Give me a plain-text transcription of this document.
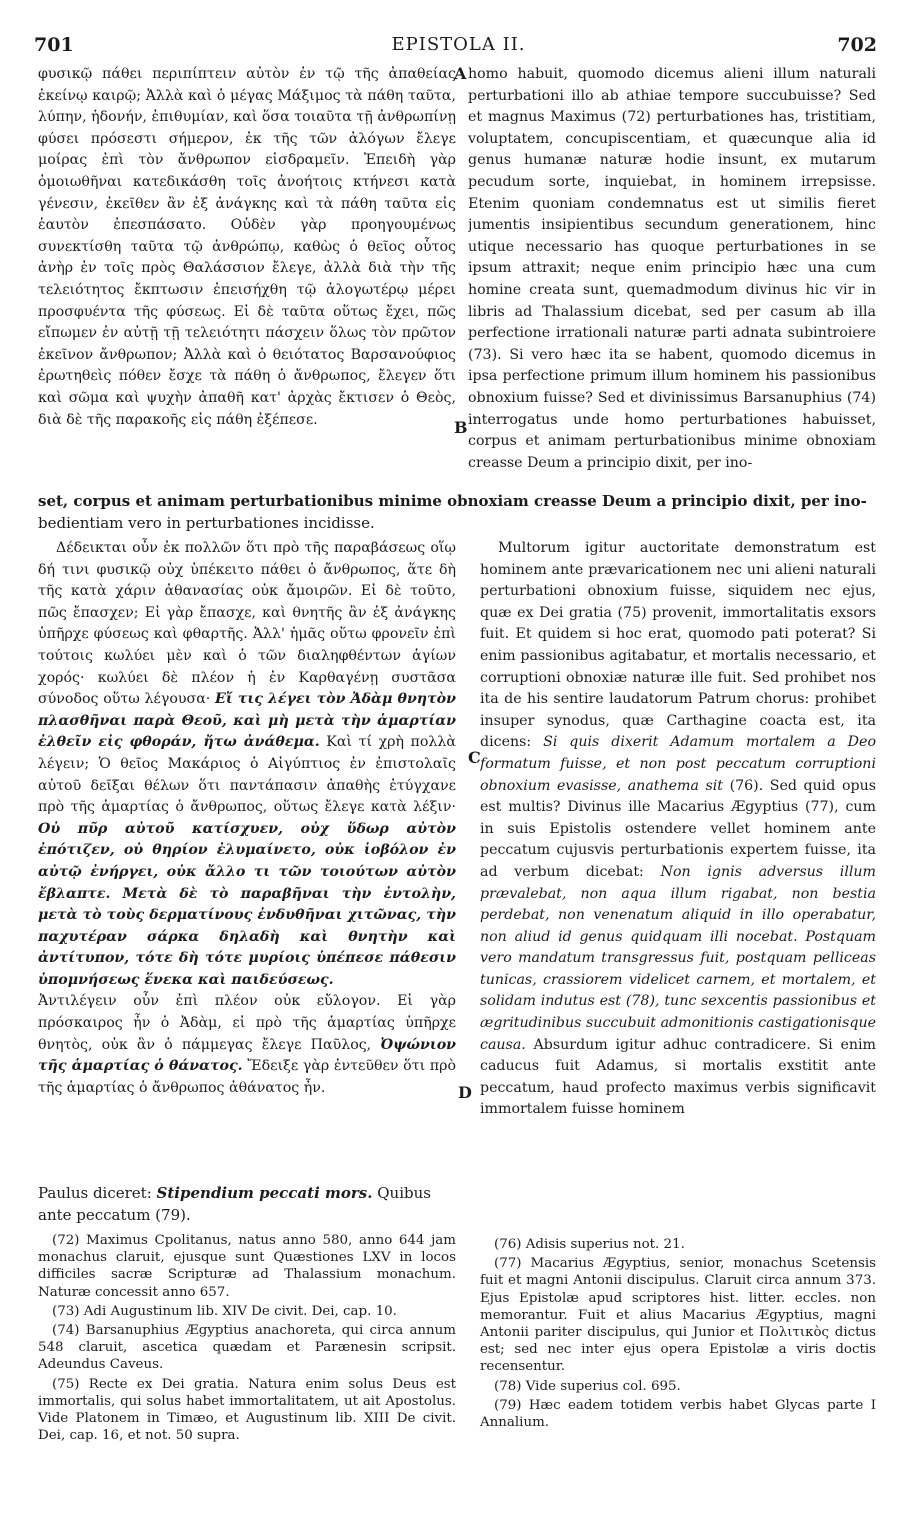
701	EPISTOLA II.	702

φυσικῷ πάθει περιπίπτειν αὐτὸν ἐν τῷ τῆς ἀπαθείας ἐκείνῳ καιρῷ; Ἀλλὰ καὶ ὁ μέγας Μάξιμος τὰ πάθη ταῦτα, λύπην, ἡδονήν, ἐπιθυμίαν, καὶ ὅσα τοιαῦτα τῇ ἀνθρωπίνῃ φύσει πρόσεστι σήμερον, ἐκ τῆς τῶν ἀλόγων ἔλεγε μοίρας ἐπὶ τὸν ἄνθρωπον εἰσδραμεῖν. Ἐπειδὴ γὰρ ὁμοιωθῆναι κατεδικάσθη τοῖς ἀνοήτοις κτήνεσι κατὰ γένεσιν, ἐκεῖθεν ἂν ἐξ ἀνάγκης καὶ τὰ πάθη ταῦτα εἰς ἑαυτὸν ἐπεσπάσατο. Οὐδὲν γὰρ προηγουμένως συνεκτίσθη ταῦτα τῷ ἀνθρώπῳ, καθὼς ὁ θεῖος οὗτος ἀνὴρ ἐν τοῖς πρὸς Θαλάσσιον ἔλεγε, ἀλλὰ διὰ τὴν τῆς τελειότητος ἔκπτωσιν ἐπεισήχθη τῷ ἀλογωτέρῳ μέρει προσφυέντα τῆς φύσεως. Εἰ δὲ ταῦτα οὕτως ἔχει, πῶς εἴπωμεν ἐν αὐτῇ τῇ τελειότητι πάσχειν ὅλως τὸν πρῶτον ἐκεῖνον ἄνθρωπον; Ἀλλὰ καὶ ὁ θειότατος Βαρσανούφιος ἐρωτηθεὶς πόθεν ἔσχε τὰ πάθη ὁ ἄνθρωπος, ἔλεγεν ὅτι καὶ σῶμα καὶ ψυχὴν ἀπαθῆ κατ' ἀρχὰς ἔκτισεν ὁ Θεὸς, διὰ δὲ τῆς παρακοῆς εἰς πάθη ἐξέπεσε.

A
B

homo habuit, quomodo dicemus alieni illum naturali perturbationi illo ab athiae tempore succubuisse? Sed et magnus Maximus (72) perturbationes has, tristitiam, voluptatem, concupiscentiam, et quæcunque alia id genus humanæ naturæ hodie insunt, ex mutarum pecudum sorte, inquiebat, in hominem irrepsisse. Etenim quoniam condemnatus est ut similis fieret jumentis insipientibus secundum generationem, hinc utique necessario has quoque perturbationes in se ipsum attraxit; neque enim principio hæc una cum homine creata sunt, quemadmodum divinus hic vir in libris ad Thalassium dicebat, sed per casum ab illa perfectione irrationali naturæ parti adnata subintroiere (73). Si vero hæc ita se habent, quomodo dicemus in ipsa perfectione primum illum hominem his passionibus obnoxium fuisse? Sed et divinissimus Barsanuphius (74) interrogatus unde homo perturbationes habuisset, corpus et animam perturbationibus minime obnoxiam creasse Deum a principio dixit, per ino-

set, corpus et animam perturbationibus minime obnoxiam creasse Deum a principio dixit, per ino-

bedientiam vero in perturbationes incidisse.

Δέδεικται οὖν ἐκ πολλῶν ὅτι πρὸ τῆς παραβάσεως οἵῳ δή τινι φυσικῷ οὐχ ὑπέκειτο πάθει ὁ ἄνθρωπος, ἅτε δὴ τῆς κατὰ χάριν ἀθανασίας οὐκ ἄμοιρῶν. Εἰ δὲ τοῦτο, πῶς ἔπασχεν; Εἰ γὰρ ἔπασχε, καὶ θνητῆς ἂν ἐξ ἀνάγκης ὑπῆρχε φύσεως καὶ φθαρτῆς. Ἀλλ' ἡμᾶς οὕτω φρονεῖν ἐπὶ τούτοις κωλύει μὲν καὶ ὁ τῶν διαληφθέντων ἁγίων χορός· κωλύει δὲ πλέον ἡ ἐν Καρθαγένῃ συστᾶσα σύνοδος οὕτω λέγουσα· Εἴ τις λέγει τὸν Ἀδὰμ θνητὸν πλασθῆναι παρὰ Θεοῦ, καὶ μὴ μετὰ τὴν ἁμαρτίαν ἐλθεῖν εἰς φθοράν, ἤτω ἀνάθεμα. Καὶ τί χρὴ πολλὰ λέγειν; Ὁ θεῖος Μακάριος ὁ Αἰγύπτιος ἐν ἐπιστολαῖς αὐτοῦ δεῖξαι θέλων ὅτι παντάπασιν ἀπαθὴς ἐτύγχανε πρὸ τῆς ἁμαρτίας ὁ ἄνθρωπος, οὕτως ἔλεγε κατὰ λέξιν· Οὐ πῦρ αὐτοῦ κατίσχυεν, οὐχ ὕδωρ αὐτὸν ἐπότιζεν, οὐ θηρίον ἐλυμαίνετο, οὐκ ἰοβόλον ἐν αὐτῷ ἐνήργει, οὐκ ἄλλο τι τῶν τοιούτων αὐτὸν ἔβλαπτε. Μετὰ δὲ τὸ παραβῆναι τὴν ἐντολὴν, μετὰ τὸ τοὺς δερματίνους ἐνδυθῆναι χιτῶνας, τὴν παχυτέραν σάρκα δηλαδὴ καὶ θνητὴν καὶ ἀντίτυπον, τότε δὴ τότε μυρίοις ὑπέπεσε πάθεσιν ὑπομνήσεως ἕνεκα καὶ παιδεύσεως.

Ἀντιλέγειν οὖν ἐπὶ πλέον οὐκ εὔλογον. Εἰ γὰρ πρόσκαιρος ἦν ὁ Ἀδὰμ, εἰ πρὸ τῆς ἁμαρτίας ὑπῆρχε θνητὸς, οὐκ ἂν ὁ πάμμεγας ἔλεγε Παῦλος, Ὀψώνιον τῆς ἁμαρτίας ὁ θάνατος. Ἔδειξε γὰρ ἐντεῦθεν ὅτι πρὸ τῆς ἁμαρτίας ὁ ἄνθρωπος ἀθάνατος ἦν.

C
D

Multorum igitur auctoritate demonstratum est hominem ante prævaricationem nec uni alieni naturali perturbationi obnoxium fuisse, siquidem nec ejus, quæ ex Dei gratia (75) provenit, immortalitatis exsors fuit. Et quidem si hoc erat, quomodo pati poterat? Si enim passionibus agitabatur, et mortalis necessario, et corruptioni obnoxiæ naturæ ille fuit. Sed prohibet nos ita de his sentire laudatorum Patrum chorus: prohibet insuper synodus, quæ Carthagine coacta est, ita dicens: Si quis dixerit Adamum mortalem a Deo formatum fuisse, et non post peccatum corruptioni obnoxium evasisse, anathema sit (76). Sed quid opus est multis? Divinus ille Macarius Ægyptius (77), cum in suis Epistolis ostendere vellet hominem ante peccatum cujusvis perturbationis expertem fuisse, ita ad verbum dicebat: Non ignis adversus illum prævalebat, non aqua illum rigabat, non bestia perdebat, non venenatum aliquid in illo operabatur, non aliud id genus quidquam illi nocebat. Postquam vero mandatum transgressus fuit, postquam pelliceas tunicas, crassiorem videlicet carnem, et mortalem, et solidam indutus est (78), tunc sexcentis passionibus et ægritudinibus succubuit admonitionis castigationisque causa. Absurdum igitur adhuc contradicere. Si enim caducus fuit Adamus, si mortalis exstitit ante peccatum, haud profecto maximus verbis significavit immortalem fuisse hominem

Paulus diceret: Stipendium peccati mors. Quibus

ante peccatum (79).

(72) Maximus Cpolitanus, natus anno 580, anno 644 jam monachus claruit, ejusque sunt Quæstiones LXV in locos difficiles sacræ Scripturæ ad Thalassium monachum. Naturæ concessit anno 657.

(73) Adi Augustinum lib. XIV De civit. Dei, cap. 10.

(74) Barsanuphius Ægyptius anachoreta, qui circa annum 548 claruit, ascetica quædam et Parænesin scripsit. Adeundus Caveus.

(75) Recte ex Dei gratia. Natura enim solus Deus est immortalis, qui solus habet immortalitatem, ut ait Apostolus. Vide Platonem in Timæo, et Augustinum lib. XIII De civit. Dei, cap. 16, et not. 50 supra.

(76) Adisis superius not. 21.

(77) Macarius Ægyptius, senior, monachus Scetensis fuit et magni Antonii discipulus. Claruit circa annum 373. Ejus Epistolæ apud scriptores hist. litter. eccles. non memorantur. Fuit et alius Macarius Ægyptius, magni Antonii pariter discipulus, qui Junior et Πολιτικὸς dictus est; sed nec inter ejus opera Epistolæ a viris doctis recensentur.

(78) Vide superius col. 695.

(79) Hæc eadem totidem verbis habet Glycas parte I Annalium.
